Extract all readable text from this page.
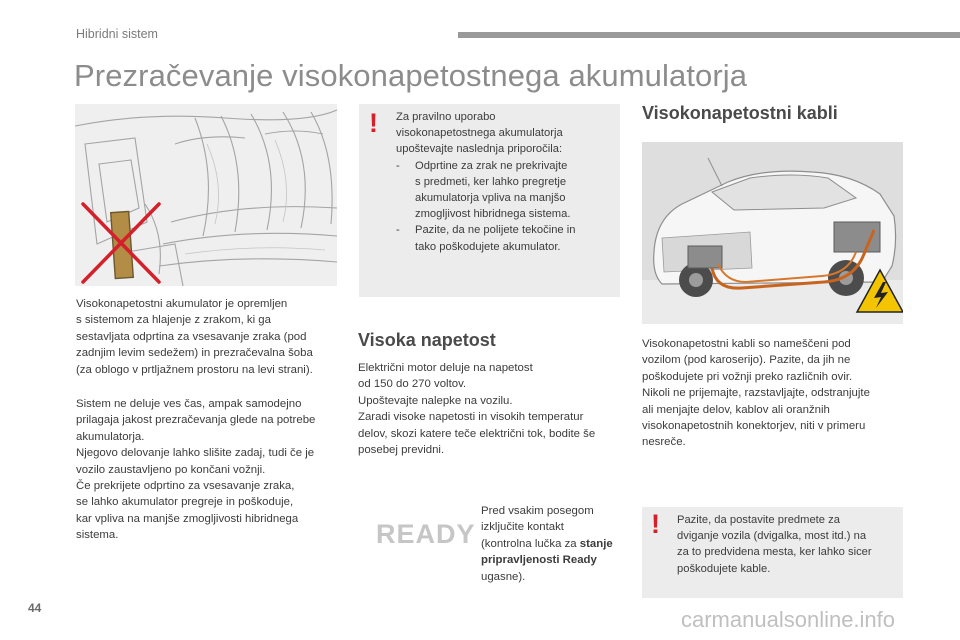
Hibridni sistem
Prezračevanje visokonapetostnega akumulatorja

Visokonapetostni akumulator je opremljen

s sistemom za hlajenje z zrakom, ki ga

sestavljata odprtina za vsesavanje zraka (pod

zadnjim levim sedežem) in prezračevalna šoba

(za oblogo v prtljažnem prostoru na levi strani).

Sistem ne deluje ves čas, ampak samodejno

prilagaja jakost prezračevanja glede na potrebe

akumulatorja.

Njegovo delovanje lahko slišite zadaj, tudi če je

vozilo zaustavljeno po končani vožnji.

Če prekrijete odprtino za vsesavanje zraka,

se lahko akumulator pregreje in poškoduje,

kar vpliva na manjše zmogljivosti hibridnega

sistema.

! Za pravilno uporabo

visokonapetostnega akumulatorja

upoštevajte naslednja priporočila:

- Odprtine za zrak ne prekrivajte
s predmeti, ker lahko pregretje
akumulatorja vpliva na manjšo
zmogljivost hibridnega sistema.
- Pazite, da ne polijete tekočine in
tako poškodujete akumulator.
Visoka napetost

Električni motor deluje na napetost

od 150 do 270 voltov.

Upoštevajte nalepke na vozilu.

Zaradi visoke napetosti in visokih temperatur

delov, skozi katere teče električni tok, bodite še

posebej previdni.

READY

Pred vsakim posegom

izključite kontakt

(kontrolna lučka za stanje

pripravljenosti Ready

ugasne).

Visokonapetostni kabli

Visokonapetostni kabli so nameščeni pod

vozilom (pod karoserijo). Pazite, da jih ne

poškodujete pri vožnji preko različnih ovir.

Nikoli ne prijemajte, razstavljajte, odstranjujte

ali menjajte delov, kablov ali oranžnih

visokonapetostnih konektorjev, niti v primeru

nesreče.

! Pazite, da postavite predmete za

dviganje vozila (dvigalka, most itd.) na

za to predvidena mesta, ker lahko sicer

poškodujete kable.

44	carmanualsonline.info
